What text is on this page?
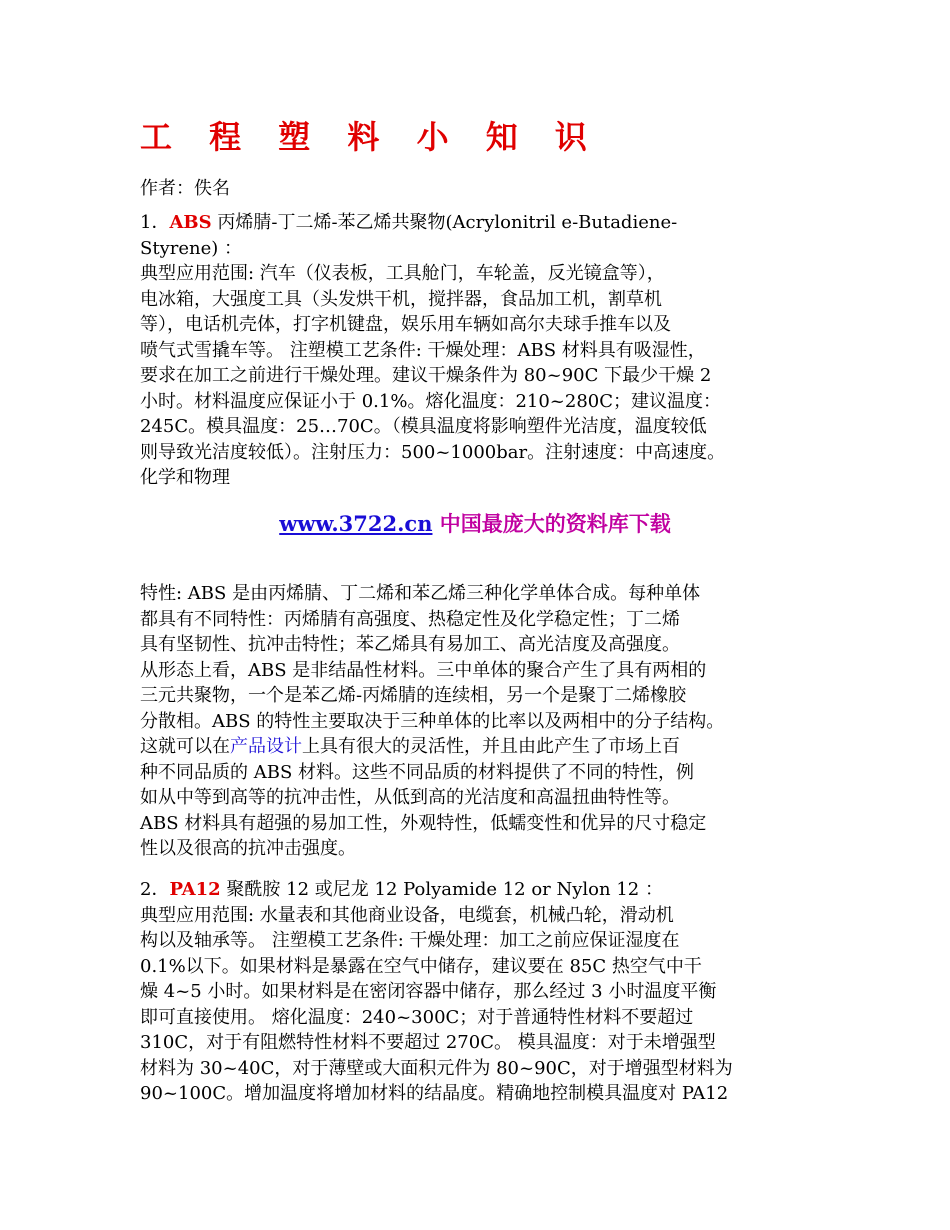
工 程 塑 料 小 知 识
作者：佚名
1．ABS 丙烯腈-丁二烯-苯乙烯共聚物(Acrylonitril e-Butadiene-
Styrene) ：
典型应用范围: 汽车（仪表板，工具舱门，车轮盖，反光镜盒等），
电冰箱，大强度工具（头发烘干机，搅拌器，食品加工机，割草机
等），电话机壳体，打字机键盘，娱乐用车辆如高尔夫球手推车以及
喷气式雪撬车等。 注塑模工艺条件: 干燥处理：ABS 材料具有吸湿性，
要求在加工之前进行干燥处理。建议干燥条件为 80~90C 下最少干燥 2
小时。材料温度应保证小于 0.1%。熔化温度：210~280C；建议温度：
245C。模具温度：25…70C。（模具温度将影响塑件光洁度，温度较低
则导致光洁度较低）。注射压力：500~1000bar。注射速度：中高速度。
化学和物理
www.3722.cn 中国最庞大的资料库下载
特性: ABS 是由丙烯腈、丁二烯和苯乙烯三种化学单体合成。每种单体
都具有不同特性：丙烯腈有高强度、热稳定性及化学稳定性；丁二烯
具有坚韧性、抗冲击特性；苯乙烯具有易加工、高光洁度及高强度。
从形态上看，ABS 是非结晶性材料。三中单体的聚合产生了具有两相的
三元共聚物，一个是苯乙烯-丙烯腈的连续相，另一个是聚丁二烯橡胶
分散相。ABS 的特性主要取决于三种单体的比率以及两相中的分子结构。
这就可以在产品设计上具有很大的灵活性，并且由此产生了市场上百
种不同品质的 ABS 材料。这些不同品质的材料提供了不同的特性，例
如从中等到高等的抗冲击性，从低到高的光洁度和高温扭曲特性等。
ABS 材料具有超强的易加工性，外观特性，低蠕变性和优异的尺寸稳定
性以及很高的抗冲击强度。
2．PA12 聚酰胺 12 或尼龙 12 Polyamide 12 or Nylon 12 ：
典型应用范围: 水量表和其他商业设备，电缆套，机械凸轮，滑动机
构以及轴承等。 注塑模工艺条件: 干燥处理：加工之前应保证湿度在
0.1%以下。如果材料是暴露在空气中储存，建议要在 85C 热空气中干
燥 4~5 小时。如果材料是在密闭容器中储存，那么经过 3 小时温度平衡
即可直接使用。 熔化温度：240~300C；对于普通特性材料不要超过
310C，对于有阻燃特性材料不要超过 270C。 模具温度：对于未增强型
材料为 30~40C，对于薄壁或大面积元件为 80~90C，对于增强型材料为
90~100C。增加温度将增加材料的结晶度。精确地控制模具温度对 PA12
